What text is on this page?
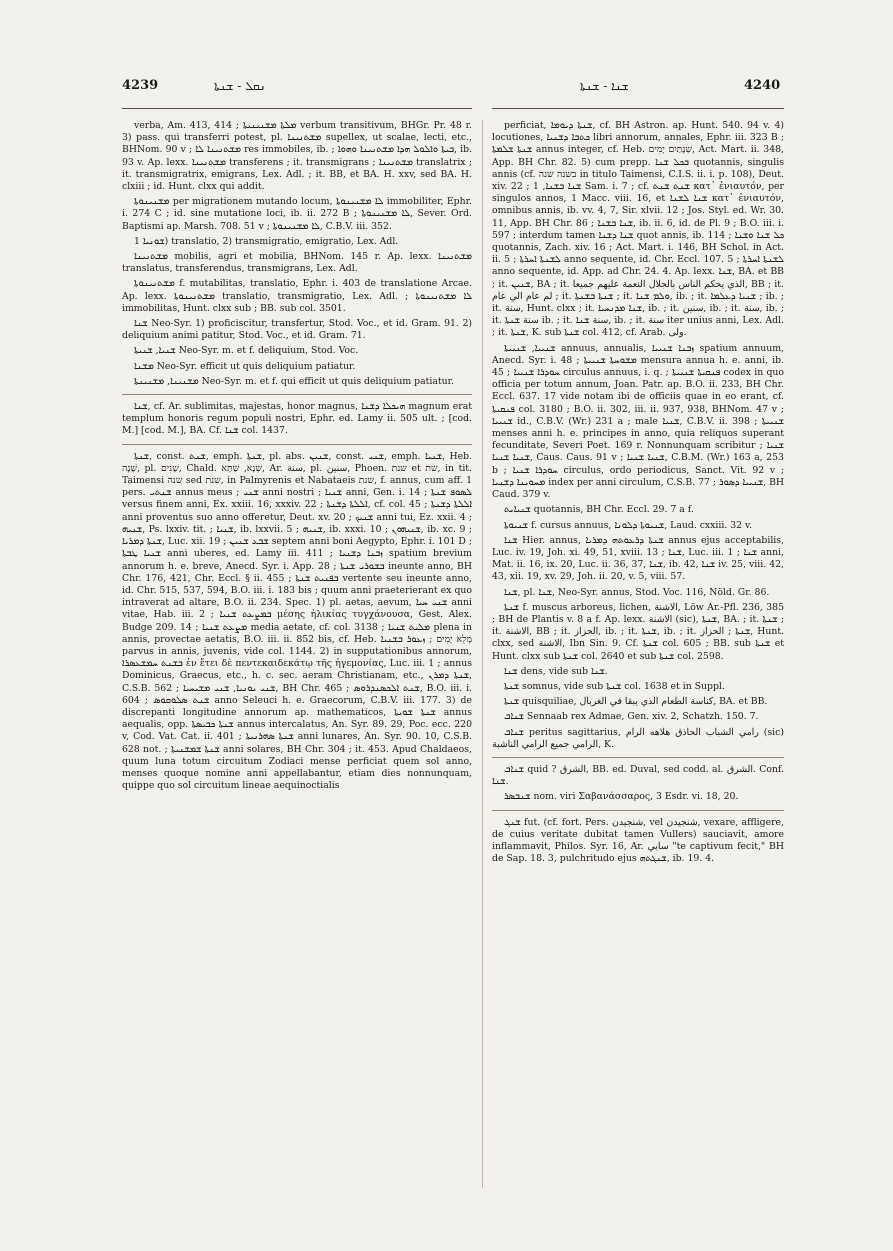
4239	ܢܩܠ - ܫܢܬܐ	ܫܢܐ - ܫܢܬܐ	4240

verba, Am. 413, 414 ; ܡܠܬܐ ܡܫܢܝܢܝܬܐ verbum transitivum, BHGr. Pr. 48 r. 3) pass. qui transferri potest, pl. ܡܫܬܢܝܢܐ supellex, ut scalae, lecti, etc., BHNom. 90 v ; ܡܫܬܢܝܢܐ ܠܐ res immobiles, ib. ; ܒܝܬܐ ܘܐܠܘܠ ܗܕܐ ܡܫܬܢܝܢܐ ܘܗܘܐ, ib. 93 v. Ap. lexx. ܡܫܬܢܝܢܐ transferens ; it. transmigrans ; ܡܫܬܢܝܢܐ translatrix ; it. transmigratrix, emigrans, Lex. Adl. ; it. BB, et BA. H. xxv, sed BA. H. clxiii ; id. Hunt. clxx qui addit.

ܡܫܢܝܢܘܬܐ per migrationem mutando locum, ܠܐ ܡܫܢܝܢܘܬܐ immobiliter, Ephr. i. 274 C ; id. sine mutatione loci, ib. ii. 272 B ; ܠܐ ܡܫܢܝܢܘܬܐ, Sever. Ord. Baptismi ap. Marsh. 708. 51 v ; ܠܐ ܡܫܢܝܢܘܬܐ, C.B.V. iii. 352.

ܫܘܢܝܐ 1) translatio, 2) transmigratio, emigratio, Lex. Adl.

ܡܫܬܢܝܢܐ mobilis, agri et mobilia, BHNom. 145 r. Ap. lexx. ܡܫܬܢܝܢܐ translatus, transferendus, transmigrans, Lex. Adl.

ܡܫܬܢܝܢܘܬܐ f. mutabilitas, translatio, Ephr. i. 403 de translatione Arcae. Ap. lexx. ܡܫܬܢܝܢܘܬܐ translatio, transmigratio, Lex. Adl. ; ܠܐ ܡܫܬܢܝܢܘܬܐ immobilitas, Hunt. clxx sub ; BB. sub col. 3501.

ܫܢܐ Neo-Syr. 1) proficiscitur, transfertur, Stod. Voc., et id. Gram. 91. 2) deliquium animi patitur, Stod. Voc., et id. Gram. 71.

ܫܢܝܐ, ܫܢܝܬܐ Neo-Syr. m. et f. deliquium, Stod. Voc.

ܡܫܢܐ Neo-Syr. efficit ut quis deliquium patiatur.

ܡܫܢܝܢܐ, ܡܫܢܝܢܬܐ Neo-Syr. m. et f. qui efficit ut quis deliquium patiatur.

ܫܢܐ, cf. Ar. sublimitas, majestas, honor magnus, ܗܝܟܠܐ ܕܫܢܐ magnum erat templum honoris regum populi nostri, Ephr. ed. Lamy ii. 505 ult. ; [cod. M.] [cod. M.], BA. Cf. ܫܢܐ col. 1437.

ܫܢܬܐ, const. ܫܢܬ, emph. ܫܢܬܐ, pl. abs. ܫܢܝܢ, const. ܫܢܝ, emph. ܫܢܝܐ, Heb. שָׁנָה, pl. שָׁנִים, Chald. שְׁנָא, שַׁתָּא, Ar. سنة, pl. سنين, Phoen. שנת et שת, in tit. Taimensi שנה sed שנת, in Palmyrenis et Nabataeis שנת, f. annus, cum aff. 1 pers. ܫܢܬܝ annus meus ; ܫܢܝ anni nostri ; ܫܢܝܐ anni, Gen. i. 14 ; ܠܣܘܦ ܫܢܬܐ versus finem anni, Ex. xxiii. 16, xxxiv. 22 ; ܐܠܠܬܐ ܕܫܢܬܐ, cf. col. 45 ; ܐܠܠܬܐ ܕܫܢܬܐ anni proventus suo anno offeretur, Deut. xv. 20 ; ܫܢܝܟ anni tui, Ez. xxii. 4 ; ܫܢܝܗ, Ps. lxxiv. tit. ; ܫܢܝܐ, ib. lxxvii. 5 ; ܫܢܝܗ, ib. xxxi. 10 ; ܫܢܝܗܘܢ, ib. xc. 9 ; ܫܢܬܐ ܕܡܪܝܐ, Luc. xii. 19 ; ܫܒܥ ܫܢܝܢ septem anni boni Aegypto, Ephr. i. 101 D ; ܫܢܝܐ ܛܒܬܐ anni uberes, ed. Lamy iii. 411 ; ܙܒܢܐ ܕܫܢܝܐ spatium brevium annorum h. e. breve, Anecd. Syr. i. App. 28 ; ܒܫܘܪܝ ܫܢܬܐ ineunte anno, BH Chr. 176, 421, Chr. Eccl. § ii. 455 ; ܒܦܢܝܬ ܫܢܬܐ vertente seu ineunte anno, id. Chr. 515, 537, 594, B.O. iii. i. 183 bis ; quum anni praeterierant ex quo intraverat ad altare, B.O. ii. 234. Spec. 1) pl. aetas, aevum, ܫܢܝ ܚܝܐ anni vitae, Hab. iii. 2 ; ܒܡܨܥܬ ܫܢܝܐ μέσης ἡλικίας τυγχάνουσα, Gest. Alex. Budge 209. 14 ; ܡܨܥܬ ܫܢܝܐ media aetate, cf. col. 3138 ; ܡܠܝܬ ܫܢܝܐ plena in annis, provectae aetatis, B.O. iii. ii. 852 bis, cf. Heb. מְלֵא יָמִים ; ܙܥܘܪ ܒܫܢܝܐ parvus in annis, juvenis, vide col. 1144. 2) in supputationibus annorum, ܒܫܢܬ ܚܡܫܥܣܪܐ ἐν ἔτει δὲ πεντεκαιδεκάτῳ τῆς ἡγεμονίας, Luc. iii. 1 ; annus Dominicus, Graecus, etc., h. c. sec. aeram Christianam, etc., ܫܢܬܐ ܕܡܪܢ, C.S.B. 562 ; ܫܢܝ ܝܘܢܝܐ, ܫܢܝ ܡܫܝܚܝܐ, BH Chr. 465 ; ܫܢܬ ܐܠܟܣܢܕܪܘܣ, B.O. iii. i. 604 ; ܫܢܬ ܣܠܘܩܘܣ anno Seleuci h. e. Graecorum, C.B.V. iii. 177. 3) de discrepanti longitudine annorum ap. mathematicos, ܫܢܬܐ ܫܘܝܬܐ annus aequalis, opp. ܫܢܬܐ ܟܒܝܣܬܐ annus intercalatus, An. Syr. 89. 29, Poc. ecc. 220 v, Cod. Vat. Cat. ii. 401 ; ܫܢܬܐ ܣܗܪܢܝܬܐ anni lunares, An. Syr. 90. 10, C.S.B. 628 not. ; ܫܢܬܐ ܫܡܫܢܝܬܐ anni solares, BH Chr. 304 ; it. 453. Apud Chaldaeos, quum luna totum circuitum Zodiaci mense perficiat quem sol anno, menses quoque nomine anni appellabantur, etiam dies nonnunquam, quippe quo sol circuitum lineae aequinoctialis

perficiat, ܫܢܬܐ ܕܝܘܡܐ, cf. BH Astron. ap. Hunt. 540. 94 v. 4) locutiones, ܟܬܒܐ ܕܫܢܝܐ libri annorum, annales, Ephr. iii. 323 B ; ܫܢܬܐ ܫܠܡܬܐ annus integer, cf. Heb. שְׁנָתַיִם יָמִים, Act. Mart. ii. 348, App. BH Chr. 82. 5) cum prepp. ܒܟܠ ܫܢܐ quotannis, singulis annis (cf. בשנה שנה in titulo Taimensi, C.I.S. ii. i. p. 108), Deut. xiv. 22 ; ܫܢܐ ܒܫܢܐ, 1 Sam. i. 7 ; cf. ܫܢܬ ܫܢܬ κατ᾽ ἐνιαυτόν, per singulos annos, 1 Macc. viii. 16, et ܫܢܐ ܠܫܢܐ κατ᾽ ἐνιαυτόν, omnibus annis, ib. vv. 4, 7, Sir. xlvii. 12 ; Jos. Styl. ed. Wr. 30. 11, App. BH Chr. 86 ; ܫܢܐ ܒܫܢܐ, ib. ii. 6, id. de Pl. 9 ; B.O. iii. i. 597 ; interdum tamen ܫܢܐ ܕܫܢܐ quot annis, ib. 114 ; ܟܠ ܫܢܐ ܘܫܢܐ quotannis, Zach. xiv. 16 ; Act. Mart. i. 146, BH Schol. in Act. ii. 5 ; ܠܫܢܬܐ ܐܚܪܬܐ anno sequente, id. Chr. Eccl. 107. 5 ; ܠܫܢܬܐ ܐܚܪܬܐ anno sequente, id. App. ad Chr. 24. 4. Ap. lexx. ܫܢܐ, BA. et BB ; it. ܫܢܝܢ, BA ; it. الذي يحكم الناس بالجلال النعمة عليهم جميعا, BB ; it. لم عام الي عام ; it. ܫܢܬܐ ܒܫܢܬܐ ; it. ܘܠܡ ܫܢܐ, ib. ; it. ܫܢܝܐ ܕܥܠܡܐ ; ib. ; it. سنة, Hunt. clxx ; it. ܫܢܐ ܡܕܢܚܝܐ, ib. ; it. سنين, ib. ; it. سنة, ib. ; it. سنة ܫܢܬܐ ib. ; it. سنة ܫܢܐ, ib. ; it. سنة iter unius anni, Lex. Adl. ; it. ܫܢܬܐ, K. sub ܫܢܬܐ col. 412, cf. Arab. ولی.

ܫܢܝܝܐ, ܫܢܝܝܬܐ annuus, annualis, ܙܒܢܐ ܫܢܝܝܐ spatium annuum, Anecd. Syr. i. 48 ; ܡܫܘܚܬܐ ܫܢܝܝܬܐ mensura annua h. e. anni, ib. 45 ; ܚܘܕܪܐ ܫܢܝܝܐ circulus annuus, i. q. ; ܦܢܩܝܬܐ ܫܢܝܝܬܐ codex in quo officia per totum annum, Joan. Patr. ap. B.O. ii. 233, BH Chr. Eccl. 637. 17 vide notam ibi de officiis quae in eo erant, cf. ܦܢܩܝܬܐ col. 3180 ; B.O. ii. 302, iii. ii. 937, 938, BHNom. 47 v ; ܫܢܝܝܐ id., C.B.V. (Wr.) 231 a ; male ܫܢܝܐ, C.B.V. ii. 398 ; ܫܢܝܝܬܐ menses anni h. e. principes in anno, quia reliquos superant fecunditate, Severi Poet. 169 r. Nonnunquam scribitur ܫܢܝܐ ; ܫܢܝܐ ܫܢܝܐ, Caus. Caus. 91 v ; ܫܢܝܐ ܫܢܝܐ, C.B.M. (Wr.) 163 a, 253 b ; ܚܘܕܪܐ ܫܢܝܐ circulus, ordo periodicus, Sanct. Vit. 92 v ; ܡܚܘܝܢܐ ܕܫܢܝܐ index per anni circulum, C.S.B. 77 ; ܫܢܝܝܐ ܕܣܘܪ, BH Caud. 379 v.

ܫܢܝܐܝܬ quotannis, BH Chr. Eccl. 29. 7 a f.

ܫܢܝܘܬܐ f. cursus annuus, ܫܢܝܘܬܐ ܕܠܘܢܐ, Laud. cxxiii. 32 v.

ܫܢܐ Hier. annus, ܫܢܬܐ ܕܪܥܘܬܗ ܕܡܪܝܐ annus ejus acceptabilis, Luc. iv. 19, Joh. xi. 49, 51, xviii. 13 ; ܫܢܐ, Luc. iii. 1 ; ܫܢܐ anni, Mat. ii. 16, ix. 20, Luc. ii. 36, 37, ܫܢܐ, ib. 42, ܫܢܐ iv. 25, viii. 42, 43, xii. 19, xv. 29, Joh. ii. 20, v. 5, viii. 57.

ܫܢܐ, pl. ܫܢܐ, Neo-Syr. annus, Stod. Voc. 116, Nöld. Gr. 86.

ܫܢܬܐ f. muscus arboreus, lichen, الاشنة, Löw Ar.-Pfl. 236, 385 ; BH de Plantis v. 8 a f. Ap. lexx. الاشنة (sic), ܫܢܬܐ, BA. ; it. ܫܢܬܐ ; it. الاشنة, BB ; it. الحزاز, ib. ; it. ܫܢܬܐ, ib. ; it. ܫܢܬܐ ; الحزاز, Hunt. clxx, sed الاشنة, Ibn Sin. 9. Cf. ܫܢܬܐ col. 605 ; BB. sub ܫܢܬܐ et Hunt. clxx sub ܫܢܬܐ col. 2640 et sub ܫܢܬܐ col. 2598.

ܫܢܐ dens, vide sub ܫܢܐ.

ܫܢܬܐ somnus, vide sub ܫܢܬܐ col. 1638 et in Suppl.

ܫܢܬܐ quisquiliae, كناسة الطعام الذي يبقا في الغربال, BA. et BB.

ܫܢܐܒ Sennaab rex Admae, Gen. xiv. 2, Schatzh. 150. 7.

ܫܢܐܒ peritus sagittarius, رامي الشباب الحاذق هلاهه الرام (sic) الرامي جميع الرامي الناشبة, K.

ܫܢܐܒ quid ? الشرق, BB. ed. Duval, sed codd. al. الشرق. Conf. ܫܢܐ.

ܫܢܒܣܪ nom. viri Σαβανάσσαρος, 3 Esdr. vi. 18, 20.

ܫܢܓ fut. (cf. fort. Pers. شنجيدن, vel شنجيدن, vexare, affligere, de cuius veritate dubitat tamen Vullers) sauciavit, amore inflammavit, Philos. Syr. 16, Ar. سابي "te captivum fecit," BH de Sap. 18. 3, pulchritudo ejus ܫܢܓܬܗ, ib. 19. 4.
